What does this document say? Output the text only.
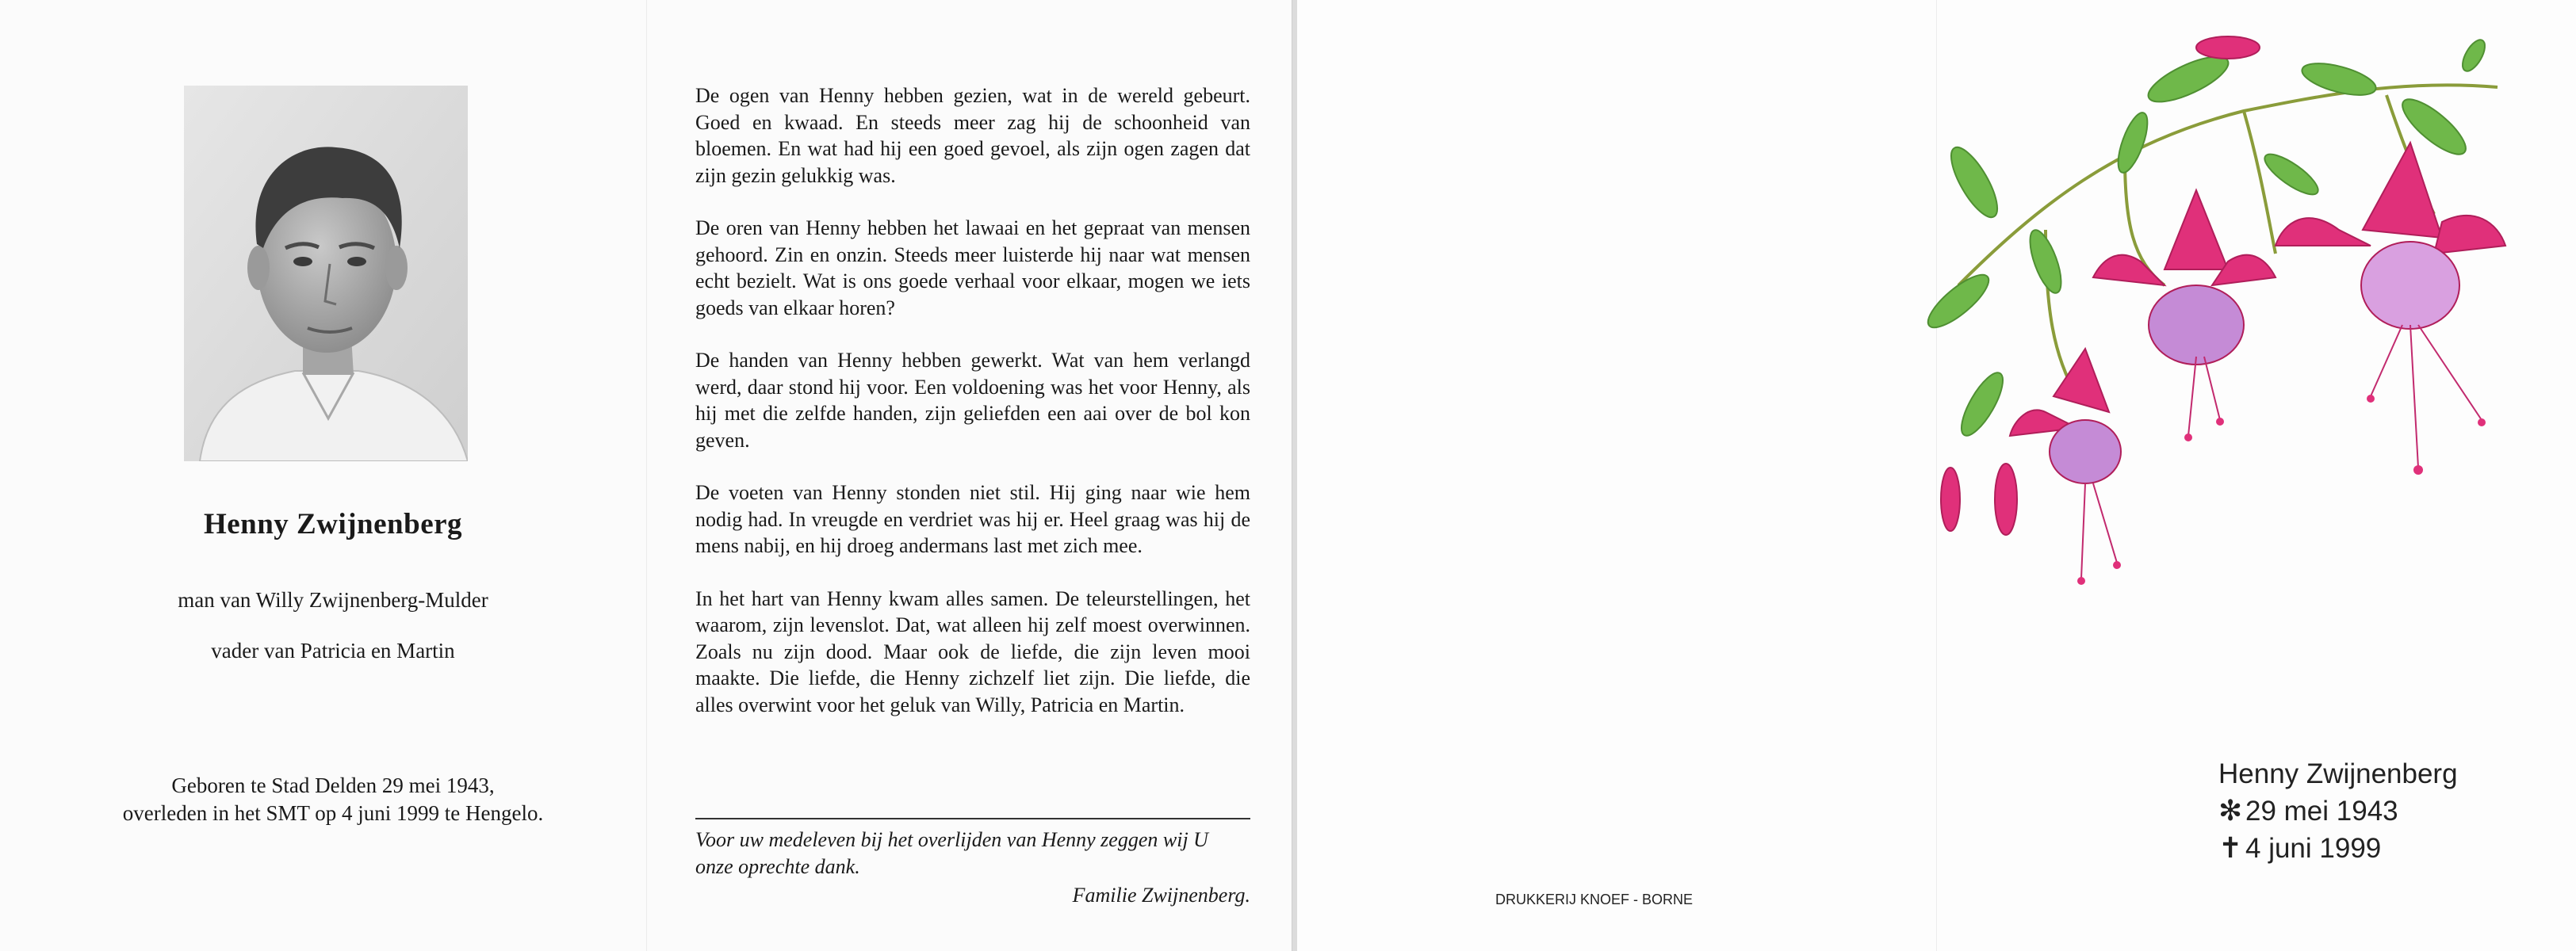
Henny Zwijnenberg
man van Willy Zwijnenberg-Mulder
vader van Patricia en Martin
Geboren te Stad Delden 29 mei 1943,
overleden in het SMT op 4 juni 1999 te Hengelo.

De ogen van Henny hebben gezien, wat in de wereld gebeurt. Goed en kwaad. En steeds meer zag hij de schoonheid van bloemen. En wat had hij een goed gevoel, als zijn ogen zagen dat zijn gezin gelukkig was.

De oren van Henny hebben het lawaai en het gepraat van mensen gehoord. Zin en onzin. Steeds meer luisterde hij naar wat mensen echt bezielt. Wat is ons goede verhaal voor elkaar, mogen we iets goeds van elkaar horen?

De handen van Henny hebben gewerkt. Wat van hem verlangd werd, daar stond hij voor. Een voldoening was het voor Henny, als hij met die zelfde handen, zijn geliefden een aai over de bol kon geven.

De voeten van Henny stonden niet stil. Hij ging naar wie hem nodig had. In vreugde en verdriet was hij er. Heel graag was hij de mens nabij, en hij droeg andermans last met zich mee.

In het hart van Henny kwam alles samen. De teleurstellingen, het waarom, zijn levenslot. Dat, wat alleen hij zelf moest overwinnen. Zoals nu zijn dood. Maar ook de liefde, die zijn leven mooi maakte. Die liefde, die Henny zichzelf liet zijn. Die liefde, die alles overwint voor het geluk van Willy, Patricia en Martin.

Voor uw medeleven bij het overlijden van Henny zeggen wij U onze oprechte dank.
Familie Zwijnenberg.	DRUKKERIJ KNOEF - BORNE
Henny Zwijnenberg
✻ 29 mei 1943
✝ 4 juni 1999
